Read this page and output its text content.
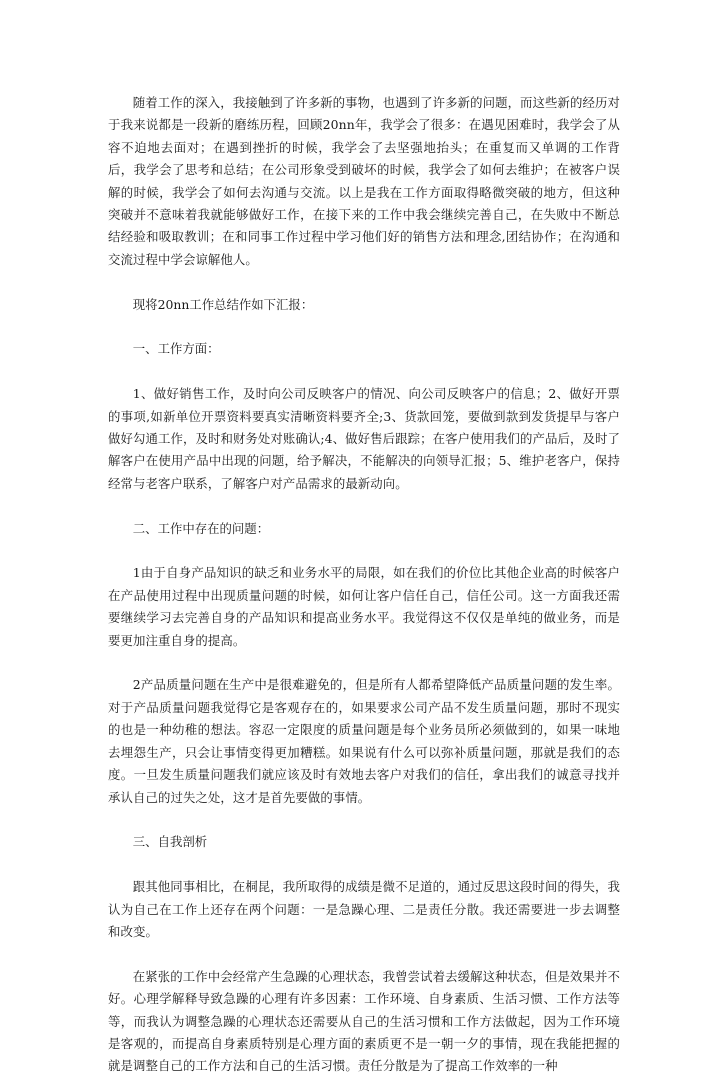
随着工作的深入，我接触到了许多新的事物，也遇到了许多新的问题，而这些新的经历对于我来说都是一段新的磨练历程，回顾20nn年，我学会了很多：在遇见困难时，我学会了从容不迫地去面对；在遇到挫折的时候，我学会了去坚强地抬头；在重复而又单调的工作背后，我学会了思考和总结；在公司形象受到破坏的时候，我学会了如何去维护；在被客户误解的时候，我学会了如何去沟通与交流。以上是我在工作方面取得略微突破的地方，但这种突破并不意味着我就能够做好工作，在接下来的工作中我会继续完善自己，在失败中不断总结经验和吸取教训；在和同事工作过程中学习他们好的销售方法和理念,团结协作；在沟通和交流过程中学会谅解他人。

现将20nn工作总结作如下汇报：

一、工作方面：

1、做好销售工作，及时向公司反映客户的情况、向公司反映客户的信息；2、做好开票的事项,如新单位开票资料要真实清晰资料要齐全;3、货款回笼，要做到款到发货提早与客户做好勾通工作，及时和财务处对账确认;4、做好售后跟踪；在客户使用我们的产品后，及时了解客户在使用产品中出现的问题，给予解决，不能解决的向领导汇报；5、维护老客户，保持经常与老客户联系，了解客户对产品需求的最新动向。

二、工作中存在的问题：

1由于自身产品知识的缺乏和业务水平的局限，如在我们的价位比其他企业高的时候客户在产品使用过程中出现质量问题的时候，如何让客户信任自己，信任公司。这一方面我还需要继续学习去完善自身的产品知识和提高业务水平。我觉得这不仅仅是单纯的做业务，而是要更加注重自身的提高。

2产品质量问题在生产中是很难避免的，但是所有人都希望降低产品质量问题的发生率。对于产品质量问题我觉得它是客观存在的，如果要求公司产品不发生质量问题，那时不现实的也是一种幼稚的想法。容忍一定限度的质量问题是每个业务员所必须做到的，如果一味地去埋怨生产，只会让事情变得更加糟糕。如果说有什么可以弥补质量问题，那就是我们的态度。一旦发生质量问题我们就应该及时有效地去客户对我们的信任，拿出我们的诚意寻找并承认自己的过失之处，这才是首先要做的事情。

三、自我剖析

跟其他同事相比，在桐昆，我所取得的成绩是微不足道的，通过反思这段时间的得失，我认为自己在工作上还存在两个问题：一是急躁心理、二是责任分散。我还需要进一步去调整和改变。

在紧张的工作中会经常产生急躁的心理状态，我曾尝试着去缓解这种状态，但是效果并不好。心理学解释导致急躁的心理有许多因素：工作环境、自身素质、生活习惯、工作方法等等，而我认为调整急躁的心理状态还需要从自己的生活习惯和工作方法做起，因为工作环境是客观的，而提高自身素质特别是心理方面的素质更不是一朝一夕的事情，现在我能把握的就是调整自己的工作方法和自己的生活习惯。责任分散是为了提高工作效率的一种
